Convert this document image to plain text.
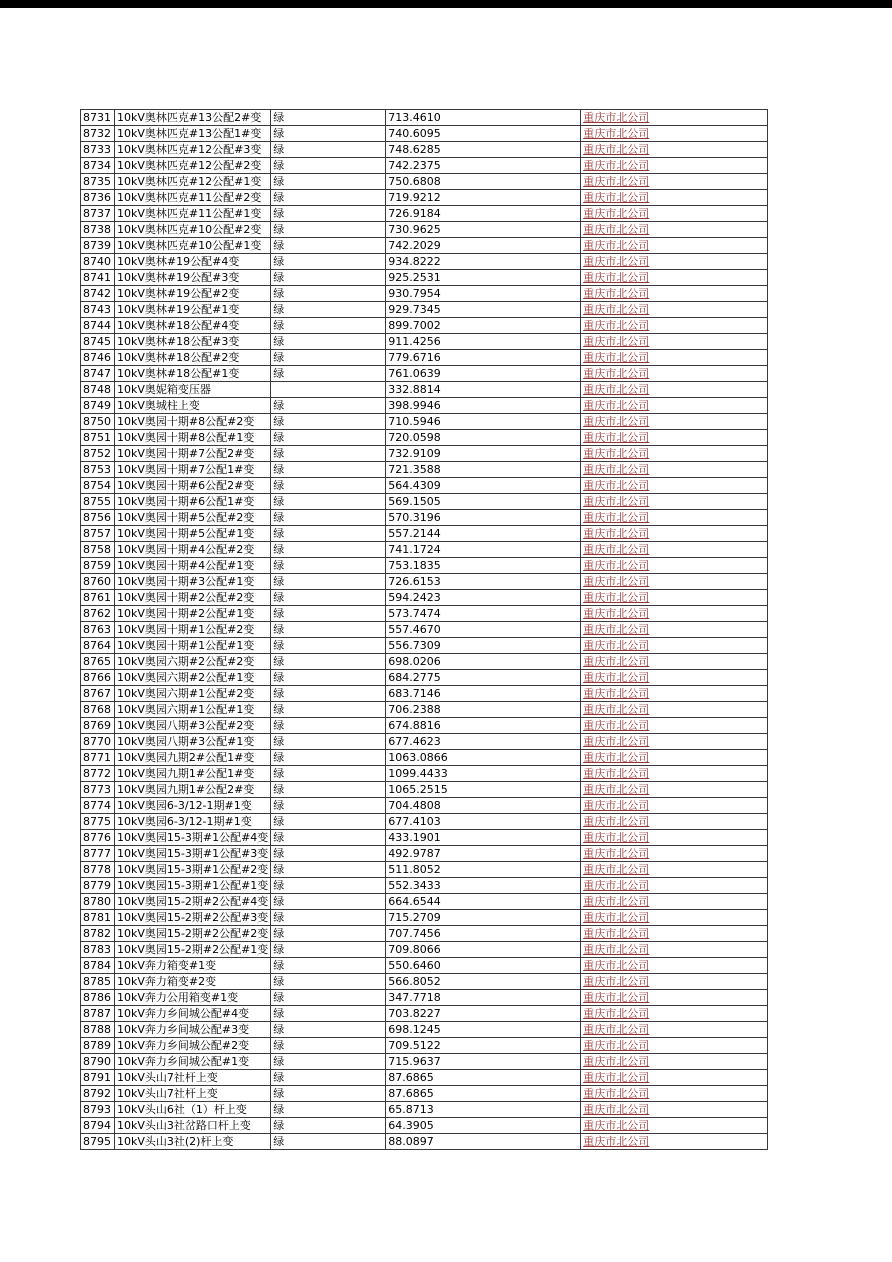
8731	10kV奥林匹克#13公配2#变	绿	713.4610	重庆市北公司
8732	10kV奥林匹克#13公配1#变	绿	740.6095	重庆市北公司
8733	10kV奥林匹克#12公配#3变	绿	748.6285	重庆市北公司
8734	10kV奥林匹克#12公配#2变	绿	742.2375	重庆市北公司
8735	10kV奥林匹克#12公配#1变	绿	750.6808	重庆市北公司
8736	10kV奥林匹克#11公配#2变	绿	719.9212	重庆市北公司
8737	10kV奥林匹克#11公配#1变	绿	726.9184	重庆市北公司
8738	10kV奥林匹克#10公配#2变	绿	730.9625	重庆市北公司
8739	10kV奥林匹克#10公配#1变	绿	742.2029	重庆市北公司
8740	10kV奥林#19公配#4变	绿	934.8222	重庆市北公司
8741	10kV奥林#19公配#3变	绿	925.2531	重庆市北公司
8742	10kV奥林#19公配#2变	绿	930.7954	重庆市北公司
8743	10kV奥林#19公配#1变	绿	929.7345	重庆市北公司
8744	10kV奥林#18公配#4变	绿	899.7002	重庆市北公司
8745	10kV奥林#18公配#3变	绿	911.4256	重庆市北公司
8746	10kV奥林#18公配#2变	绿	779.6716	重庆市北公司
8747	10kV奥林#18公配#1变	绿	761.0639	重庆市北公司
8748	10kV奥妮箱变压器		332.8814	重庆市北公司
8749	10kV奥城柱上变	绿	398.9946	重庆市北公司
8750	10kV奥园十期#8公配#2变	绿	710.5946	重庆市北公司
8751	10kV奥园十期#8公配#1变	绿	720.0598	重庆市北公司
8752	10kV奥园十期#7公配2#变	绿	732.9109	重庆市北公司
8753	10kV奥园十期#7公配1#变	绿	721.3588	重庆市北公司
8754	10kV奥园十期#6公配2#变	绿	564.4309	重庆市北公司
8755	10kV奥园十期#6公配1#变	绿	569.1505	重庆市北公司
8756	10kV奥园十期#5公配#2变	绿	570.3196	重庆市北公司
8757	10kV奥园十期#5公配#1变	绿	557.2144	重庆市北公司
8758	10kV奥园十期#4公配#2变	绿	741.1724	重庆市北公司
8759	10kV奥园十期#4公配#1变	绿	753.1835	重庆市北公司
8760	10kV奥园十期#3公配#1变	绿	726.6153	重庆市北公司
8761	10kV奥园十期#2公配#2变	绿	594.2423	重庆市北公司
8762	10kV奥园十期#2公配#1变	绿	573.7474	重庆市北公司
8763	10kV奥园十期#1公配#2变	绿	557.4670	重庆市北公司
8764	10kV奥园十期#1公配#1变	绿	556.7309	重庆市北公司
8765	10kV奥园六期#2公配#2变	绿	698.0206	重庆市北公司
8766	10kV奥园六期#2公配#1变	绿	684.2775	重庆市北公司
8767	10kV奥园六期#1公配#2变	绿	683.7146	重庆市北公司
8768	10kV奥园六期#1公配#1变	绿	706.2388	重庆市北公司
8769	10kV奥园八期#3公配#2变	绿	674.8816	重庆市北公司
8770	10kV奥园八期#3公配#1变	绿	677.4623	重庆市北公司
8771	10kV奥园九期2#公配1#变	绿	1063.0866	重庆市北公司
8772	10kV奥园九期1#公配1#变	绿	1099.4433	重庆市北公司
8773	10kV奥园九期1#公配2#变	绿	1065.2515	重庆市北公司
8774	10kV奥园6-3/12-1期#1变	绿	704.4808	重庆市北公司
8775	10kV奥园6-3/12-1期#1变	绿	677.4103	重庆市北公司
8776	10kV奥园15-3期#1公配#4变	绿	433.1901	重庆市北公司
8777	10kV奥园15-3期#1公配#3变	绿	492.9787	重庆市北公司
8778	10kV奥园15-3期#1公配#2变	绿	511.8052	重庆市北公司
8779	10kV奥园15-3期#1公配#1变	绿	552.3433	重庆市北公司
8780	10kV奥园15-2期#2公配#4变	绿	664.6544	重庆市北公司
8781	10kV奥园15-2期#2公配#3变	绿	715.2709	重庆市北公司
8782	10kV奥园15-2期#2公配#2变	绿	707.7456	重庆市北公司
8783	10kV奥园15-2期#2公配#1变	绿	709.8066	重庆市北公司
8784	10kV奔力箱变#1变	绿	550.6460	重庆市北公司
8785	10kV奔力箱变#2变	绿	566.8052	重庆市北公司
8786	10kV奔力公用箱变#1变	绿	347.7718	重庆市北公司
8787	10kV奔力乡间城公配#4变	绿	703.8227	重庆市北公司
8788	10kV奔力乡间城公配#3变	绿	698.1245	重庆市北公司
8789	10kV奔力乡间城公配#2变	绿	709.5122	重庆市北公司
8790	10kV奔力乡间城公配#1变	绿	715.9637	重庆市北公司
8791	10kV头山7社杆上变	绿	87.6865	重庆市北公司
8792	10kV头山7社杆上变	绿	87.6865	重庆市北公司
8793	10kV头山6社（1）杆上变	绿	65.8713	重庆市北公司
8794	10kV头山3社岔路口杆上变	绿	64.3905	重庆市北公司
8795	10kV头山3社(2)杆上变	绿	88.0897	重庆市北公司
